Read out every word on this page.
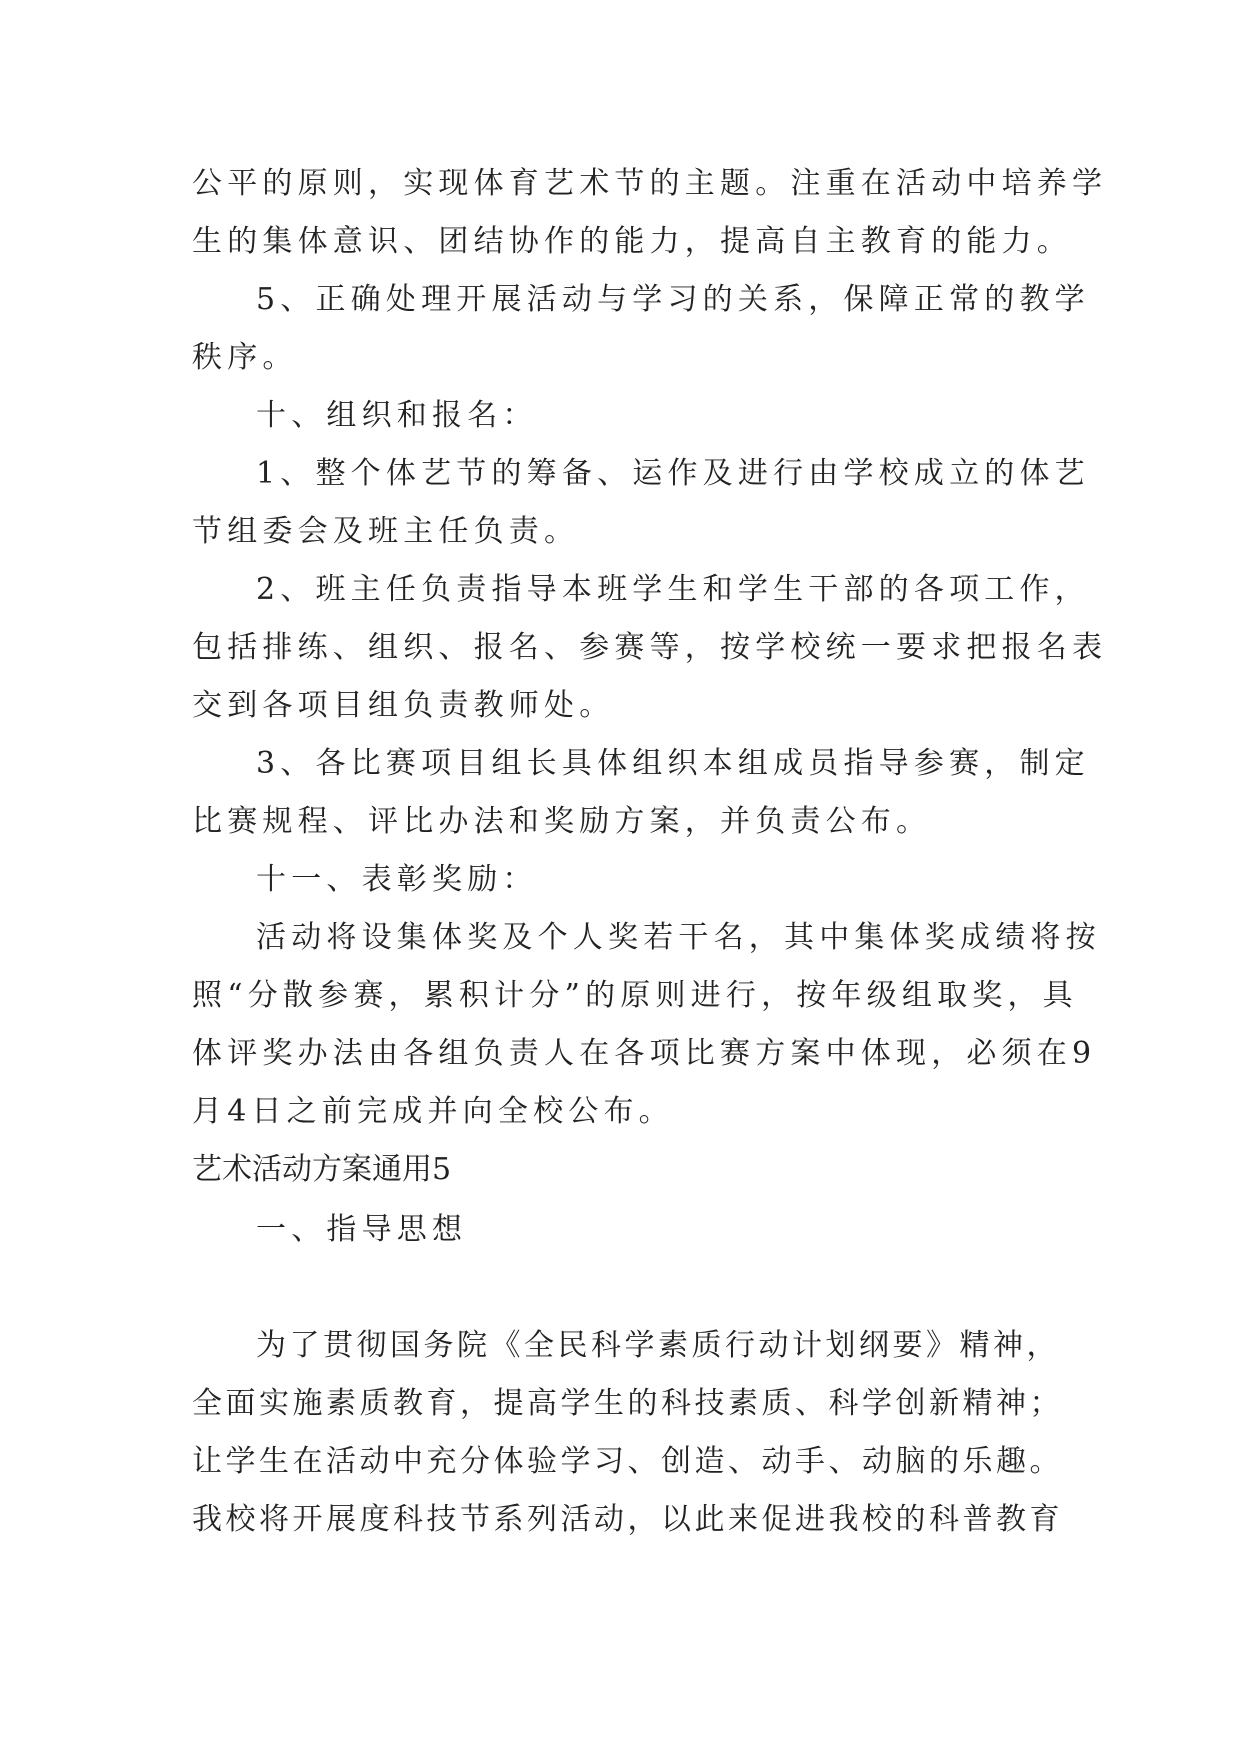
公平的原则，实现体育艺术节的主题。注重在活动中培养学
生的集体意识、团结协作的能力，提高自主教育的能力。
5、正确处理开展活动与学习的关系，保障正常的教学
秩序。
十、组织和报名：
1、整个体艺节的筹备、运作及进行由学校成立的体艺
节组委会及班主任负责。
2、班主任负责指导本班学生和学生干部的各项工作，
包括排练、组织、报名、参赛等，按学校统一要求把报名表
交到各项目组负责教师处。
3、各比赛项目组长具体组织本组成员指导参赛，制定
比赛规程、评比办法和奖励方案，并负责公布。
十一、表彰奖励：
活动将设集体奖及个人奖若干名，其中集体奖成绩将按
照“分散参赛，累积计分”的原则进行，按年级组取奖，具
体评奖办法由各组负责人在各项比赛方案中体现，必须在9
月4日之前完成并向全校公布。
艺术活动方案通用5
一、指导思想
为了贯彻国务院《全民科学素质行动计划纲要》精神，
全面实施素质教育，提高学生的科技素质、科学创新精神；
让学生在活动中充分体验学习、创造、动手、动脑的乐趣。
我校将开展度科技节系列活动，以此来促进我校的科普教育
